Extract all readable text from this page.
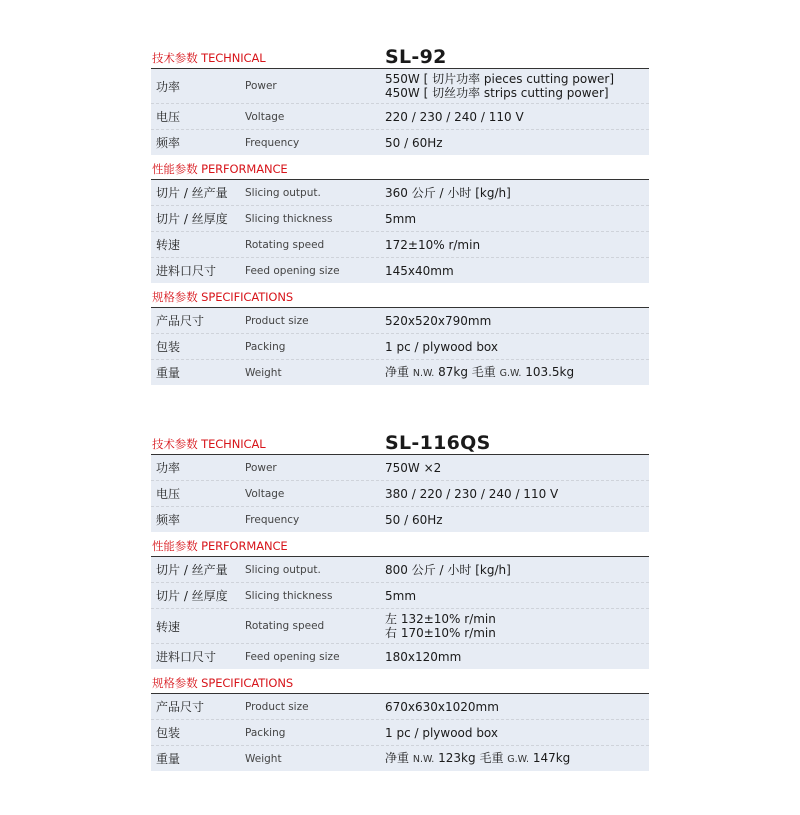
技术参数 TECHNICAL	SL-92
功率	Power	550W [ 切片功率 pieces cutting power]
450W [ 切丝功率 strips cutting power]
电压	Voltage	220 / 230 / 240 / 110 V
频率	Frequency	50 / 60Hz
性能参数 PERFORMANCE
切片 / 丝产量	Slicing output.	360 公斤 / 小时 [kg/h]
切片 / 丝厚度	Slicing thickness	5mm
转速	Rotating speed	172±10% r/min
进料口尺寸	Feed opening size	145x40mm
规格参数 SPECIFICATIONS
产品尺寸	Product size	520x520x790mm
包装	Packing	1 pc / plywood box
重量	Weight	净重 N.W. 87kg 毛重 G.W. 103.5kg
技术参数 TECHNICAL	SL-116QS
功率	Power	750W ×2
电压	Voltage	380 / 220 / 230 / 240 / 110 V
频率	Frequency	50 / 60Hz
性能参数 PERFORMANCE
切片 / 丝产量	Slicing output.	800 公斤 / 小时 [kg/h]
切片 / 丝厚度	Slicing thickness	5mm
转速	Rotating speed	左 132±10% r/min
右 170±10% r/min
进料口尺寸	Feed opening size	180x120mm
规格参数 SPECIFICATIONS
产品尺寸	Product size	670x630x1020mm
包装	Packing	1 pc / plywood box
重量	Weight	净重 N.W. 123kg 毛重 G.W. 147kg
